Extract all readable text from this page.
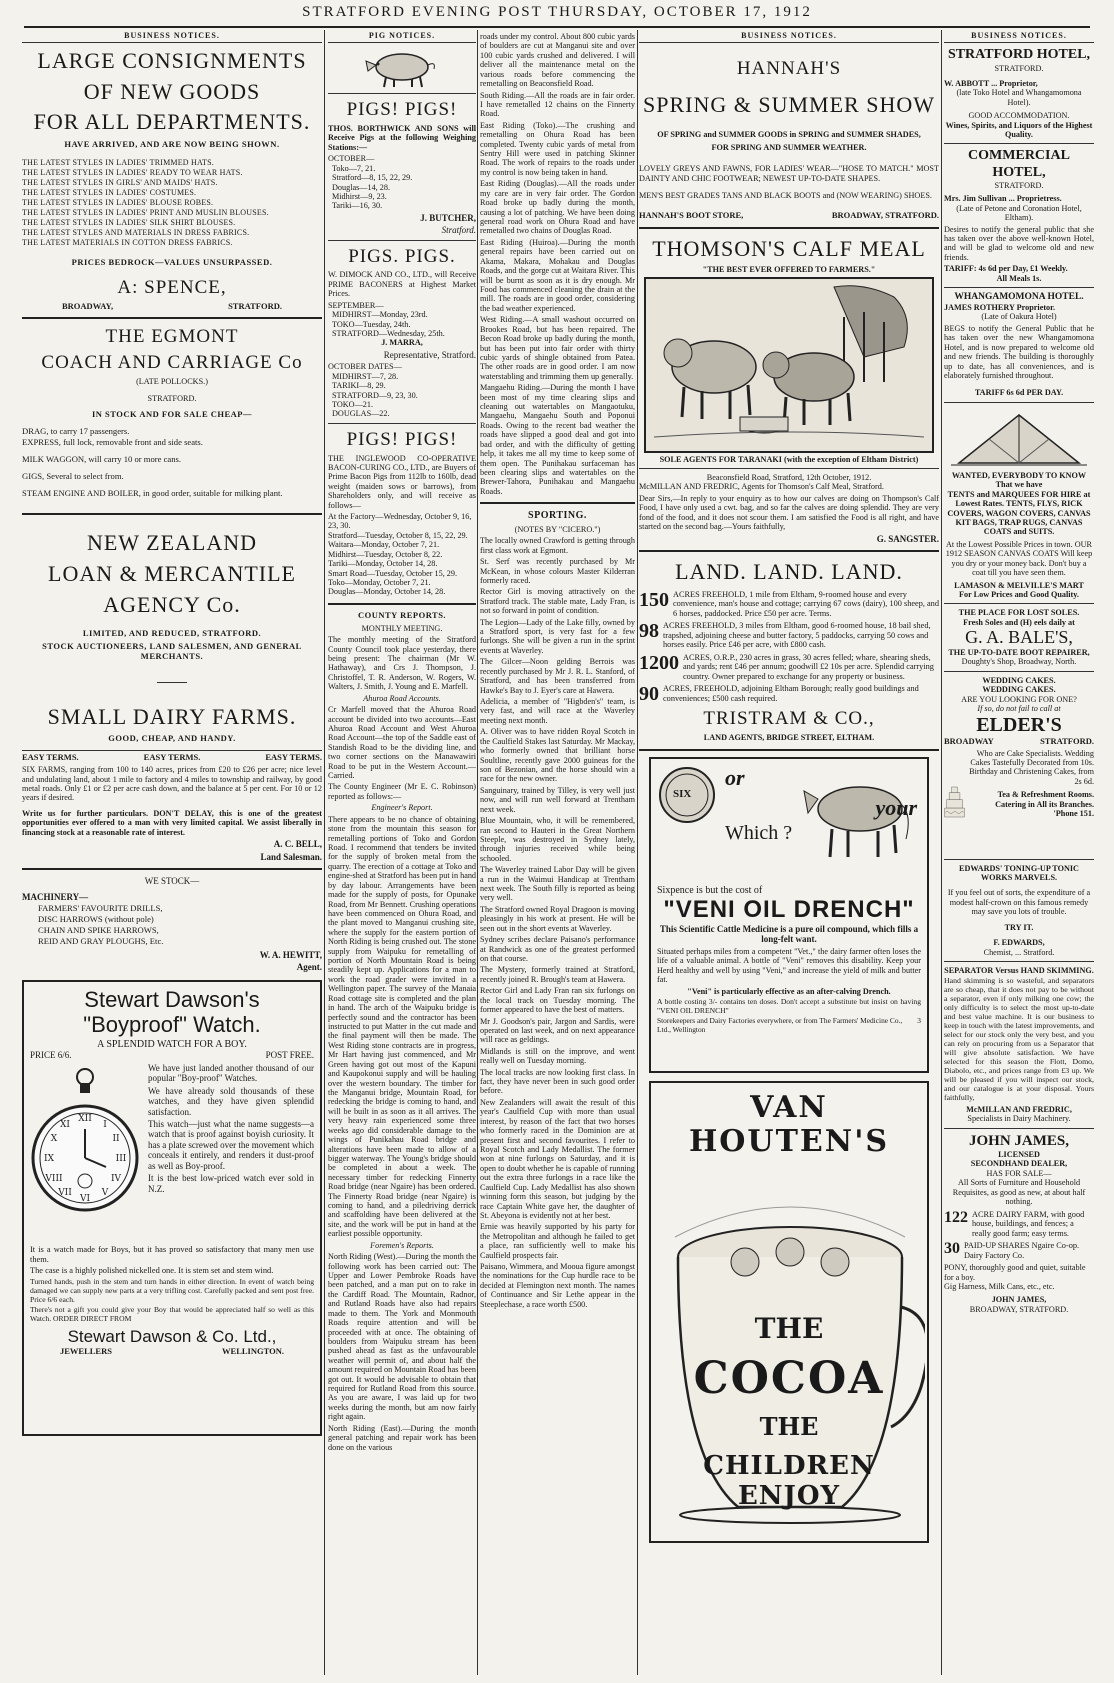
STRATFORD EVENING POST THURSDAY, OCTOBER 17, 1912
BUSINESS NOTICES.
LARGE CONSIGNMENTS
OF NEW GOODS
FOR ALL DEPARTMENTS.
HAVE ARRIVED, AND ARE NOW BEING SHOWN.
THE LATEST STYLES IN LADIES' TRIMMED HATS.
THE LATEST STYLES IN LADIES' READY TO WEAR HATS.
THE LATEST STYLES IN GIRLS' AND MAIDS' HATS.
THE LATEST STYLES IN LADIES' COSTUMES.
THE LATEST STYLES IN LADIES' BLOUSE ROBES.
THE LATEST STYLES IN LADIES' PRINT AND MUSLIN BLOUSES.
THE LATEST STYLES IN LADIES' SILK SHIRT BLOUSES.
THE LATEST STYLES AND MATERIALS IN DRESS FABRICS.
THE LATEST MATERIALS IN COTTON DRESS FABRICS.
PRICES BEDROCK—VALUES UNSURPASSED.
A: SPENCE,
BROADWAY,	STRATFORD.
THE EGMONT
COACH AND CARRIAGE Co
(LATE POLLOCKS.)
STRATFORD.
IN STOCK AND FOR SALE CHEAP—
DRAG, to carry 17 passengers.
EXPRESS, full lock, removable front and side seats.
MILK WAGGON, will carry 10 or more cans.
GIGS, Several to select from.
STEAM ENGINE AND BOILER, in good order, suitable for milking plant.
NEW ZEALAND
LOAN & MERCANTILE
AGENCY Co.
LIMITED, AND REDUCED, STRATFORD.
STOCK AUCTIONEERS, LAND SALESMEN, AND GENERAL MERCHANTS.
SMALL DAIRY FARMS.
GOOD, CHEAP, AND HANDY.
EASY TERMS.	EASY TERMS.	EASY TERMS.

SIX FARMS, ranging from 100 to 140 acres, prices from £20 to £26 per acre; nice level and undulating land, about 1 mile to factory and 4 miles to township and railway, by good metal roads. Only £1 or £2 per acre cash down, and the balance at 5 per cent. For 10 or 12 years if desired.

Write us for further particulars. DON'T DELAY, this is one of the greatest opportunities ever offered to a man with very limited capital. We assist liberally in financing stock at a reasonable rate of interest.

A. C. BELL,
Land Salesman.
WE STOCK—
MACHINERY—
FARMERS' FAVOURITE DRILLS,
DISC HARROWS (without pole)
CHAIN AND SPIKE HARROWS,
REID AND GRAY PLOUGHS, Etc.
W. A. HEWITT,
Agent.
Stewart Dawson's
"Boyproof" Watch.
A SPLENDID WATCH FOR A BOY.
PRICE 6/6.	POST FREE.
XII
III
VI
IX
I
II
IV
V
VII
VIII
X
XI

We have just landed another thousand of our popular "Boy-proof" Watches.

We have already sold thousands of these watches, and they have given splendid satisfaction.

This watch—just what the name suggests—a watch that is proof against boyish curiosity. It has a plate screwed over the movement which conceals it entirely, and renders it dust-proof as well as Boy-proof.

It is the best low-priced watch ever sold in N.Z.

It is a watch made for Boys, but it has proved so satisfactory that many men use them.

The case is a highly polished nickelled one. It is stem set and stem wind.

Turned hands, push in the stem and turn hands in either direction. In event of watch being damaged we can supply new parts at a very trifling cost. Carefully packed and sent post free. Price 6/6 each.

There's not a gift you could give your Boy that would be appreciated half so well as this Watch. ORDER DIRECT FROM

Stewart Dawson & Co. Ltd.,
JEWELLERS	WELLINGTON.
PIG NOTICES.
PIGS! PIGS!

THOS. BORTHWICK AND SONS will Receive Pigs at the following Weighing Stations:—

OCTOBER—
Toko—7, 21.
Stratford—8, 15, 22, 29.
Douglas—14, 28.
Midhirst—9, 23.
Tariki—16, 30.
J. BUTCHER,
Stratford.
PIGS. PIGS.

W. DIMOCK AND CO., LTD., will Receive PRIME BACONERS at Highest Market Prices.

SEPTEMBER—
MIDHIRST—Monday, 23rd.
TOKO—Tuesday, 24th.
STRATFORD—Wednesday, 25th.
J. MARRA,
Representative, Stratford.
OCTOBER DATES—
MIDHIRST—7, 28.
TARIKI—8, 29.
STRATFORD—9, 23, 30.
TOKO—21.
DOUGLAS—22.
PIGS! PIGS!

THE INGLEWOOD CO-OPERATIVE BACON-CURING CO., LTD., are Buyers of Prime Bacon Pigs from 112lb to 160lb, dead weight (maiden sows or barrows), from Shareholders only, and will receive as follows—

At the Factory—Wednesday, October 9, 16, 23, 30.
Stratford—Tuesday, October 8, 15, 22, 29.
Waitara—Monday, October 7, 21.
Midhirst—Tuesday, October 8, 22.
Tariki—Monday, October 14, 28.
Smart Road—Tuesday, October 15, 29.
Toko—Monday, October 7, 21.
Douglas—Monday, October 14, 28.
COUNTY REPORTS.
MONTHLY MEETING.

The monthly meeting of the Stratford County Council took place yesterday, there being present: The chairman (Mr W. Hathaway), and Crs J. Thompson, J. Christoffel, T. R. Anderson, W. Rogers, W. Walters, J. Smith, J. Young and E. Marfell.

Ahuroa Road Accounts.

Cr Marfell moved that the Ahuroa Road account be divided into two accounts—East Ahuroa Road Account and West Ahuroa Road Account—the top of the Saddle east of Standish Road to be the dividing line, and two corner sections on the Manawawiri Road to be put in the Western Account.—Carried.

The County Engineer (Mr E. C. Robinson) reported as follows:—

Engineer's Report.

There appears to be no chance of obtaining stone from the mountain this season for remetalling portions of Toko and Gordon Road. I recommend that tenders be invited for the supply of broken metal from the quarry. The erection of a cottage at Toko and engine-shed at Stratford has been put in hand by day labour. Arrangements have been made for the supply of posts, for Opunake Road, from Mr Bennett. Crushing operations have been commenced on Ohura Road, and the plant moved to Manganui crushing site, where the supply for the eastern portion of North Riding is being crushed out. The stone supply from Waipuku for remetalling of portion of North Mountain Road is being steadily kept up. Applications for a man to work the road grader were invited in a Wellington paper. The survey of the Manaia Road cottage site is completed and the plan in hand. The arch of the Waipuku bridge is perfectly sound and the contractor has been instructed to put Matter in the cut made and the final payment will then be made. The West Riding stone contracts are in progress, Mr Hart having just commenced, and Mr Green having got out most of the Kapuni and Kaupokonui supply and will be hauling over the western boundary. The timber for the Manganui bridge, Mountain Road, for redecking the bridge is coming to hand, and will be built in as soon as it all arrives. The very heavy rain experienced some three weeks ago did considerable damage to the wings of Punikahau Road bridge and alterations have been made to allow of a bigger waterway. The Young's bridge should be completed in about a week. The necessary timber for redecking Finnerty Road bridge (near Ngaire) has been ordered. The Finnerty Road bridge (near Ngaire) is coming to hand, and a piledriving derrick and scaffolding have been delivered at the site, and the work will be put in hand at the earliest possible opportunity.

Foremen's Reports.

North Riding (West).—During the month the following work has been carried out: The Upper and Lower Pembroke Roads have been patched, and a man put on to rake in the Cardiff Road. The Mountain, Radnor, and Rutland Roads have also had repairs made to them. The York and Monmouth Roads require attention and will be proceeded with at once. The obtaining of boulders from Waipuku stream has been pushed ahead as fast as the unfavourable weather will permit of, and about half the amount required on Mountain Road has been got out. It would be advisable to obtain that required for Rutland Road from this source. As you are aware, I was laid up for two weeks during the month, but am now fairly right again.

North Riding (East).—During the month general patching and repair work has been done on the various

roads under my control. About 800 cubic yards of boulders are cut at Manganui site and over 100 cubic yards crushed and delivered. I will deliver all the maintenance metal on the various roads before commencing the remetalling on Beaconsfield Road.

South Riding.—All the roads are in fair order. I have remetalled 12 chains on the Finnerty Road.

East Riding (Toko).—The crushing and remetalling on Ohura Road has been completed. Twenty cubic yards of metal from Sentry Hill were used in patching Skinner Road. The work of repairs to the roads under my control is now being taken in hand.

East Riding (Douglas).—All the roads under my care are in very fair order. The Gordon Road broke up badly during the month, causing a lot of patching. We have been doing general road work on Ohura Road and have remetalled two chains of Douglas Road.

East Riding (Huiroa).—During the month general repairs have been carried out on Akama, Makara, Mohakau and Douglas Roads, and the gorge cut at Waitara River. This will be burnt as soon as it is dry enough. Mr Food has commenced cleaning the drain at the mill. The roads are in good order, considering the bad weather experienced.

West Riding.—A small washout occurred on Brookes Road, but has been repaired. The Becon Road broke up badly during the month, but has been put into fair order with thirty cubic yards of shingle obtained from Patea. The other roads are in good order. I am now waterstabling and trimming them up generally.

Mangaehu Riding.—During the month I have been most of my time clearing slips and cleaning out watertables on Mangaotuku, Mangaehu, Mangaehu South and Poponui Roads. Owing to the recent bad weather the roads have slipped a good deal and got into bad order, and with the difficulty of getting help, it takes me all my time to keep some of them open. The Punihakau surfaceman has been clearing slips and watertables on the Brewer-Tahora, Punihakau and Mangaehu Roads.

SPORTING.
(NOTES BY "CICERO.")

The locally owned Crawford is getting through first class work at Egmont.

St. Serf was recently purchased by Mr McKean, in whose colours Master Kilderran formerly raced.

Rector Girl is moving attractively on the Stratford track. The stable mate, Lady Fran, is not so forward in point of condition.

The Legion—Lady of the Lake filly, owned by a Stratford sport, is very fast for a few furlongs. She will be given a run in the sprint events at Waverley.

The Gilcer—Noon gelding Berrois was recently purchased by Mr J. R. L. Stanford, of Stratford, and has been transferred from Hawke's Bay to J. Eyer's care at Hawera.

Adelicia, a member of "Higbden's" team, is very fast, and will race at the Waverley meeting next month.

A. Oliver was to have ridden Royal Scotch in the Caulfield Stakes last Saturday. Mr Mackay, who formerly owned that brilliant horse Soultline, recently gave 2000 guineas for the son of Bezonian, and the horse should win a race for the new owner.

Sanguinary, trained by Tilley, is very well just now, and will run well forward at Trentham next week.

Blue Mountain, who, it will be remembered, ran second to Hauteri in the Great Northern Steeple, was destroyed in Sydney lately, through injuries received while being schooled.

The Waverley trained Labor Day will be given a run in the Waimui Handicap at Trentham next week. The South filly is reported as being very well.

The Stratford owned Royal Dragoon is moving pleasingly in his work at present. He will be seen out in the short events at Waverley.

Sydney scribes declare Paisano's performance at Randwick as one of the greatest performed on that course.

The Mystery, formerly trained at Stratford, recently joined R. Brough's team at Hawera.

Rector Girl and Lady Fran ran six furlongs on the local track on Tuesday morning. The former appeared to have the best of matters.

Mr J. Goodson's pair, Jargon and Sardis, were operated on last week, and on next appearance will race as geldings.

Midlands is still on the improve, and went really well on Tuesday morning.

The local tracks are now looking first class. In fact, they have never been in such good order before.

New Zealanders will await the result of this year's Caulfield Cup with more than usual interest, by reason of the fact that two horses who formerly raced in the Dominion are at present first and second favourites. I refer to Royal Scotch and Lady Medallist. The former won at nine furlongs on Saturday, and it is open to doubt whether he is capable of running out the extra three furlongs in a race like the Caulfield Cup. Lady Medallist has also shown winning form this season, but judging by the race Captain White gave her, the daughter of St. Abeyona is evidently not at her best.

Ernie was heavily supported by his party for the Metropolitan and although he failed to get a place, ran sufficiently well to make his Caulfield prospects fair.

Paisano, Wimmera, and Mooua figure amongst the nominations for the Cup hurdle race to be decided at Flemington next month. The names of Continuance and Sir Lethe appear in the Steeplechase, a race worth £500.

BUSINESS NOTICES.
HANNAH'S
SPRING & SUMMER SHOW
OF SPRING and SUMMER GOODS in SPRING and SUMMER SHADES,
FOR SPRING AND SUMMER WEATHER.

LOVELY GREYS AND FAWNS, FOR LADIES' WEAR—"HOSE TO MATCH." MOST DAINTY AND CHIC FOOTWEAR; NEWEST UP-TO-DATE SHAPES.

MEN'S BEST GRADES TANS AND BLACK BOOTS and (NOW WEARING) SHOES.

HANNAH'S BOOT STORE,	BROADWAY, STRATFORD.
THOMSON'S CALF MEAL
"THE BEST EVER OFFERED TO FARMERS."
SOLE AGENTS FOR TARANAKI (with the exception of Eltham District)
Beaconsfield Road, Stratford, 12th October, 1912.
McMILLAN AND FREDRIC, Agents for Thomson's Calf Meal, Stratford.

Dear Sirs,—In reply to your enquiry as to how our calves are doing on Thompson's Calf Food, I have only used a cwt. bag, and so far the calves are doing splendid. They are very fond of the food, and it does not scour them. I am satisfied the Food is all right, and have started on the second bag.—Yours faithfully,

G. SANGSTER.
LAND. LAND. LAND.
150 ACRES FREEHOLD, 1 mile from Eltham, 9-roomed house and every convenience, man's house and cottage; carrying 67 cows (dairy), 100 sheep, and 6 horses, paddocked. Price £50 per acre. Terms.
98 ACRES FREEHOLD, 3 miles from Eltham, good 6-roomed house, 18 bail shed, trapshed, adjoining cheese and butter factory, 5 paddocks, carrying 50 cows and horses easily. Price £46 per acre, with £800 cash.
1200 ACRES, O.R.P., 230 acres in grass, 30 acres felled; whare, shearing sheds, and yards; rent £46 per annum; goodwill £2 10s per acre. Splendid carrying country. Owner prepared to exchange for any property or business.
90 ACRES, FREEHOLD, adjoining Eltham Borough; really good buildings and conveniences; £500 cash required.
TRISTRAM & CO.,
LAND AGENTS, BRIDGE STREET, ELTHAM.
SIX
or
Which ?
your
Sixpence is but the cost of
"VENI OIL DRENCH"
This Scientific Cattle Medicine is a pure oil compound, which fills a long-felt want.

Situated perhaps miles from a competent "Vet.," the dairy farmer often loses the life of a valuable animal. A bottle of "Veni" removes this disability. Keep your Herd healthy and well by using "Veni," and increase the yield of milk and butter fat.

"Veni" is particularly effective as an after-calving Drench.

A bottle costing 3/- contains ten doses. Don't accept a substitute but insist on having "VENI OIL DRENCH"

Storekeepers and Dairy Factories everywhere, or from The Farmers' Medicine Co., Ltd., Wellington
3
VAN HOUTEN'S
THE
COCOA
THE
CHILDREN ENJOY
BUSINESS NOTICES.
STRATFORD HOTEL,
STRATFORD.
W. ABBOTT ... Proprietor,
(late Toko Hotel and Whangamomona Hotel).
GOOD ACCOMMODATION.
Wines, Spirits, and Liquors of the Highest Quality.
COMMERCIAL HOTEL,
STRATFORD.
Mrs. Jim Sullivan ... Proprietress.
(Late of Petone and Coronation Hotel, Eltham).

Desires to notify the general public that she has taken over the above well-known Hotel, and will be glad to welcome old and new friends.

TARIFF: 4s 6d per Day, £1 Weekly.
All Meals 1s.
WHANGAMOMONA HOTEL.
JAMES ROTHERY Proprietor.
(Late of Oakura Hotel)

BEGS to notify the General Public that he has taken over the new Whangamomona Hotel, and is now prepared to welcome old and new friends. The building is thoroughly up to date, has all conveniences, and is elaborately furnished throughout.

TARIFF 6s 6d PER DAY.
WANTED, EVERYBODY TO KNOW
That we have
TENTS and MARQUEES FOR HIRE at Lowest Rates. TENTS, FLYS, RICK COVERS, WAGON COVERS, CANVAS KIT BAGS, TRAP RUGS, CANVAS COATS and SUITS.
At the Lowest Possible Prices in town. OUR 1912 SEASON CANVAS COATS Will keep you dry or your money back. Don't buy a coat till you have seen them.
LAMASON & MELVILLE'S MART
For Low Prices and Good Quality.
THE PLACE FOR LOST SOLES.
Fresh Soles and (H) eels daily at
G. A. BALE'S,
THE UP-TO-DATE BOOT REPAIRER,
Doughty's Shop, Broadway, North.
WEDDING CAKES.
WEDDING CAKES.
ARE YOU LOOKING FOR ONE?
If so, do not fail to call at
ELDER'S
BROADWAY	STRATFORD.
Who are Cake Specialists. Wedding Cakes Tastefully Decorated from 10s. Birthday and Christening Cakes, from 2s 6d.
Tea & Refreshment Rooms. Catering in All its Branches. 'Phone 151.
EDWARDS' TONING-UP TONIC
WORKS MARVELS.

If you feel out of sorts, the expenditure of a modest half-crown on this famous remedy may save you lots of trouble.

TRY IT.
F. EDWARDS,
Chemist, ... Stratford.
SEPARATOR Versus HAND SKIMMING.

Hand skimming is so wasteful, and separators are so cheap, that it does not pay to be without a separator, even if only milking one cow; the only difficulty is to select the most up-to-date and best value machine. It is our business to keep in touch with the latest improvements, and select for our stock only the very best, and you can rely on procuring from us a Separator that will give absolute satisfaction. We have selected for this season the Flott, Domo, Diabolo, etc., and prices range from £3 up. We will be pleased if you will inspect our stock, and our catalogue is at your disposal. Yours faithfully,

McMILLAN AND FREDRIC,
Specialists in Dairy Machinery.
JOHN JAMES,
LICENSED
SECONDHAND DEALER,
HAS FOR SALE—
All Sorts of Furniture and Household Requisites, as good as new, at about half nothing.
122 ACRE DAIRY FARM, with good house, buildings, and fences; a really good farm; easy terms.
30 PAID-UP SHARES Ngaire Co-op. Dairy Factory Co.
PONY, thoroughly good and quiet, suitable for a boy.
Gig Harness, Milk Cans, etc., etc.
JOHN JAMES,
BROADWAY, STRATFORD.
